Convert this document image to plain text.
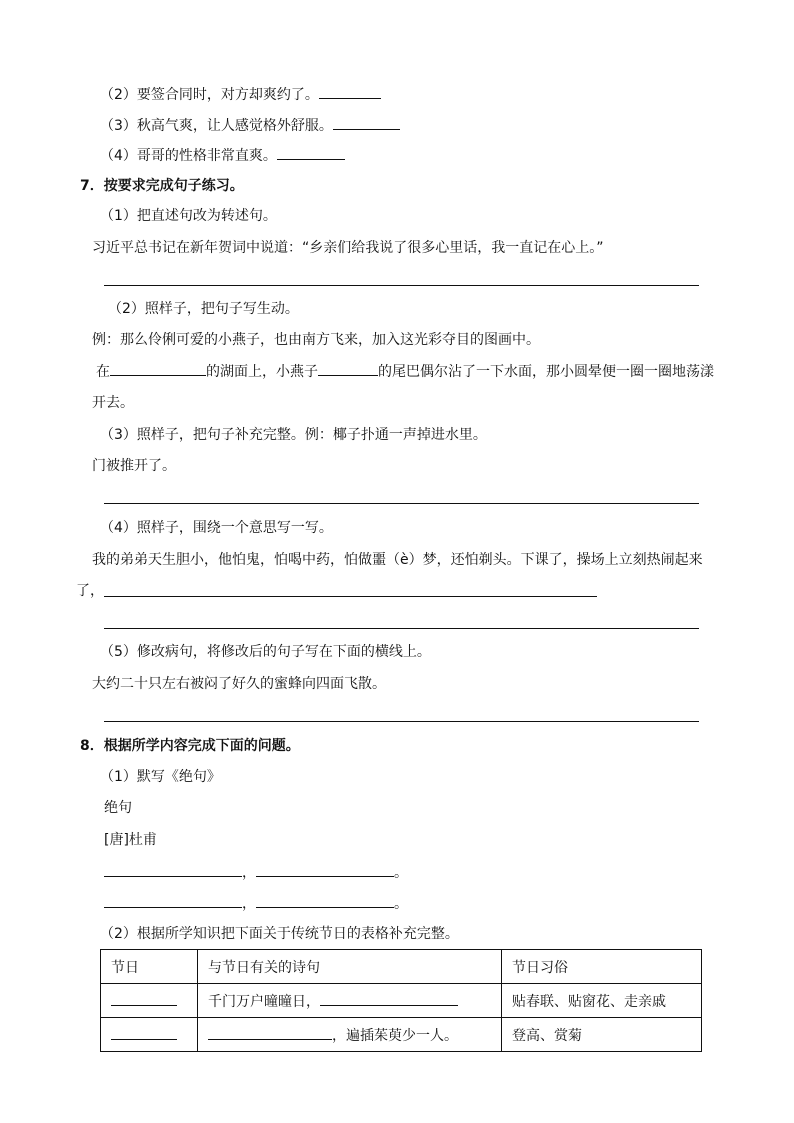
（2）要签合同时，对方却爽约了。
（3）秋高气爽，让人感觉格外舒服。
（4）哥哥的性格非常直爽。
7．按要求完成句子练习。
（1）把直述句改为转述句。
习近平总书记在新年贺词中说道：“乡亲们给我说了很多心里话，我一直记在心上。”
（2）照样子，把句子写生动。
例：那么伶俐可爱的小燕子，也由南方飞来，加入这光彩夺目的图画中。
在	的湖面上，小燕子	的尾巴偶尔沾了一下水面，那小圆晕便一圈一圈地荡漾
开去。
（3）照样子，把句子补充完整。例：椰子扑通一声掉进水里。
门被推开了。
（4）照样子，围绕一个意思写一写。
我的弟弟天生胆小，他怕鬼，怕喝中药，怕做噩（è）梦，还怕剃头。下课了，操场上立刻热闹起来
了，
（5）修改病句，将修改后的句子写在下面的横线上。
大约二十只左右被闷了好久的蜜蜂向四面飞散。
8．根据所学内容完成下面的问题。
（1）默写《绝句》
绝句
[唐]杜甫
，	。
，	。
（2）根据所学知识把下面关于传统节日的表格补充完整。
节日	与节日有关的诗句	节日习俗
	千门万户曈曈日，	贴春联、贴窗花、走亲戚
	，遍插茱萸少一人。	登高、赏菊
